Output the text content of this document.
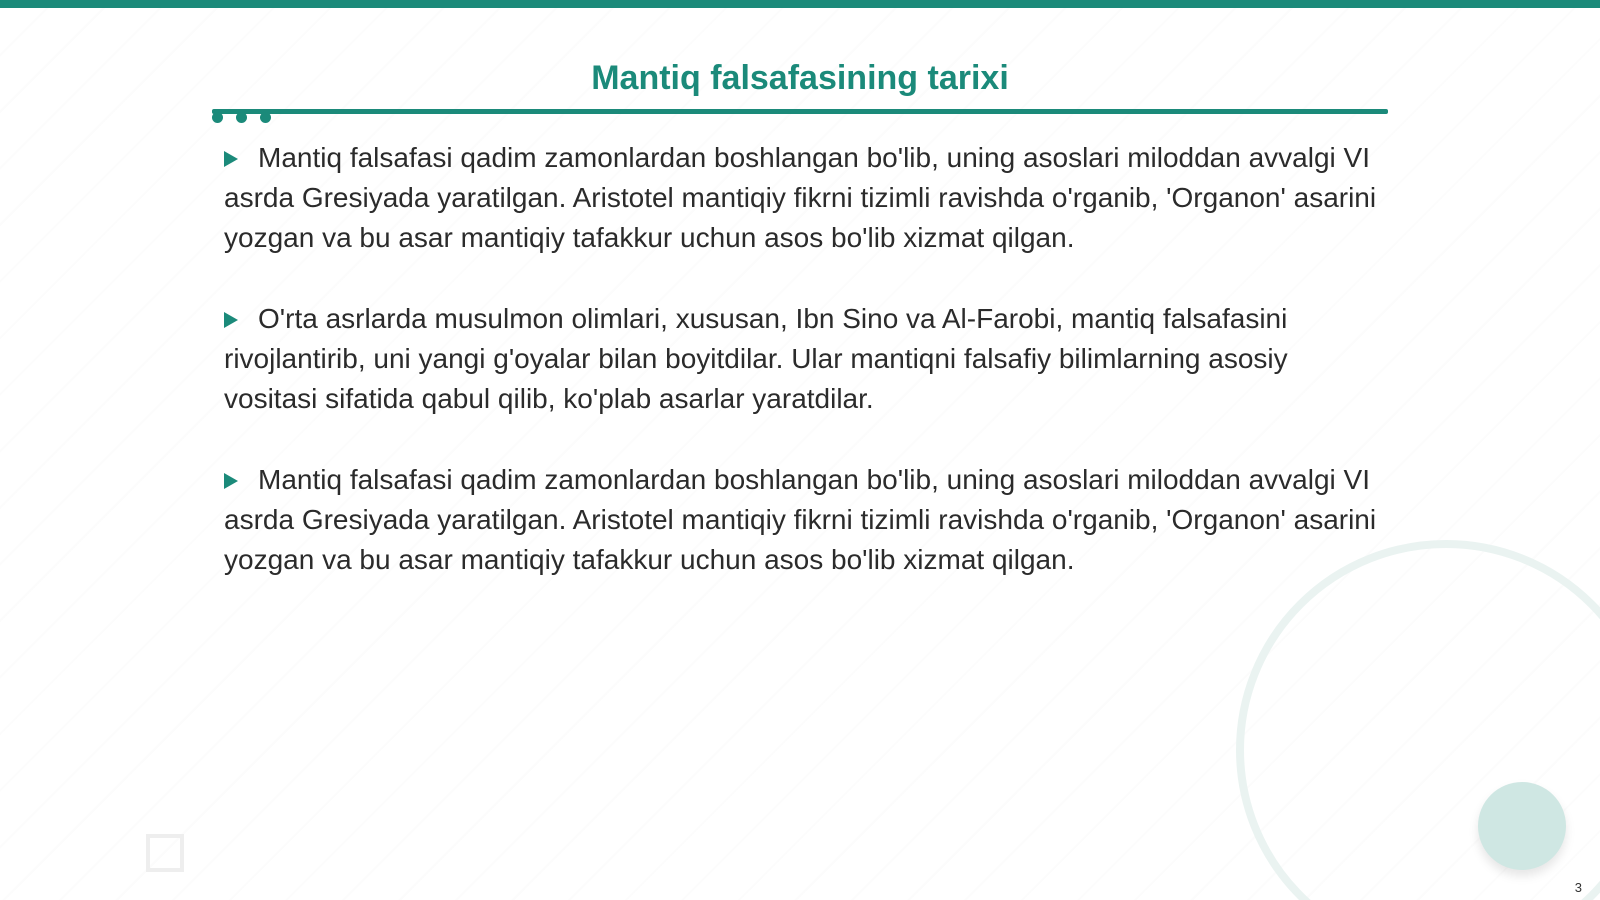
Mantiq falsafasining tarixi

Mantiq falsafasi qadim zamonlardan boshlangan bo'lib, uning asoslari miloddan avvalgi VI asrda Gresiyada yaratilgan. Aristotel mantiqiy fikrni tizimli ravishda o'rganib, 'Organon' asarini yozgan va bu asar mantiqiy tafakkur uchun asos bo'lib xizmat qilgan.

O'rta asrlarda musulmon olimlari, xususan, Ibn Sino va Al-Farobi, mantiq falsafasini rivojlantirib, uni yangi g'oyalar bilan boyitdilar. Ular mantiqni falsafiy bilimlarning asosiy vositasi sifatida qabul qilib, ko'plab asarlar yaratdilar.

Mantiq falsafasi qadim zamonlardan boshlangan bo'lib, uning asoslari miloddan avvalgi VI asrda Gresiyada yaratilgan. Aristotel mantiqiy fikrni tizimli ravishda o'rganib, 'Organon' asarini yozgan va bu asar mantiqiy tafakkur uchun asos bo'lib xizmat qilgan.

3
